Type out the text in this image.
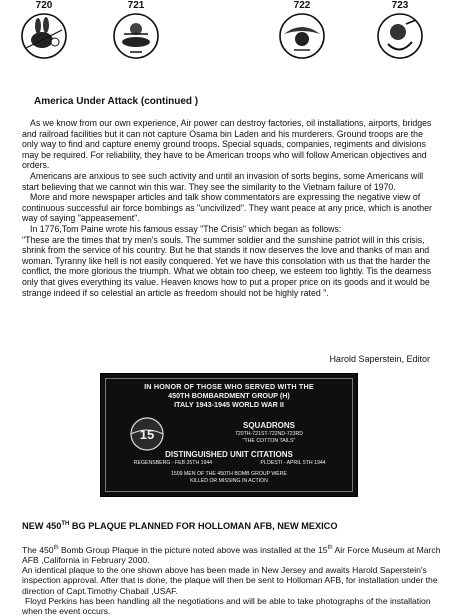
720	721	722	723
America Under Attack (continued )

As we know from our own experience, Air power can destroy factories, oil installations, airports, bridges and railroad facilities but it can not capture Osama bin Laden and his murderers. Ground troops are the only way to find and capture enemy ground troops. Special squads, companies, regiments and divisions may be required. For reliability, they have to be American troops who will follow American objectives and orders.

Americans are anxious to see such activity and until an invasion of sorts begins, some Americans will start believing that we cannot win this war. They see the similarity to the Vietnam failure of 1970.

More and more newspaper articles and talk show commentators are expressing the negative view of continuous successful air force bombings as "uncivilized". They want peace at any price, which is another way of saying "appeasement".

In 1776,Tom Paine wrote his famous essay "The Crisis" which began as follows:

"These are the times that try men's souls. The summer soldier and the sunshine patriot will in this crisis, shrink from the service of his country. But he that stands it now deserves the love and thanks of man and woman. Tyranny like hell is not easily conquered. Yet we have this consolation with us that the harder the conflict, the more glorious the triumph. What we obtain too cheep, we esteem too lightly. Tis the dearness only that gives everything its value. Heaven knows how to put a proper price on its goods and it would be strange indeed if so celestial an article as freedom should not be highly rated ".

Harold Saperstein, Editor
IN HONOR OF THOSE WHO SERVED WITH THE
450TH BOMBARDMENT GROUP (H)
ITALY 1943-1945 WORLD WAR II
15
SQUADRONS
720TH-721ST-722ND-723RD
"THE COTTON TAILS"
DISTINGUISHED UNIT CITATIONS
REGENSBERG - FEB 25TH 1944	PLOESTI - APRIL 5TH 1944
1509 MEN OF THE 450TH BOMB GROUP WERE
KILLED OR MISSING IN ACTION
NEW 450TH BG PLAQUE PLANNED FOR HOLLOMAN AFB, NEW MEXICO

The 450th Bomb Group Plaque in the picture noted above was installed at the 15th Air Force Museum at March AFB ,California in February 2000.

An identical plaque to the one shown above has been made in New Jersey and awaits Harold Saperstein's inspection approval. After that is done, the plaque will then be sent to Holloman AFB, for installation under the direction of Capt.Timothy Chabail ,USAF.

Floyd Perkins has been handling all the negotiations and will be able to take photographs of the installation when the event occurs.
